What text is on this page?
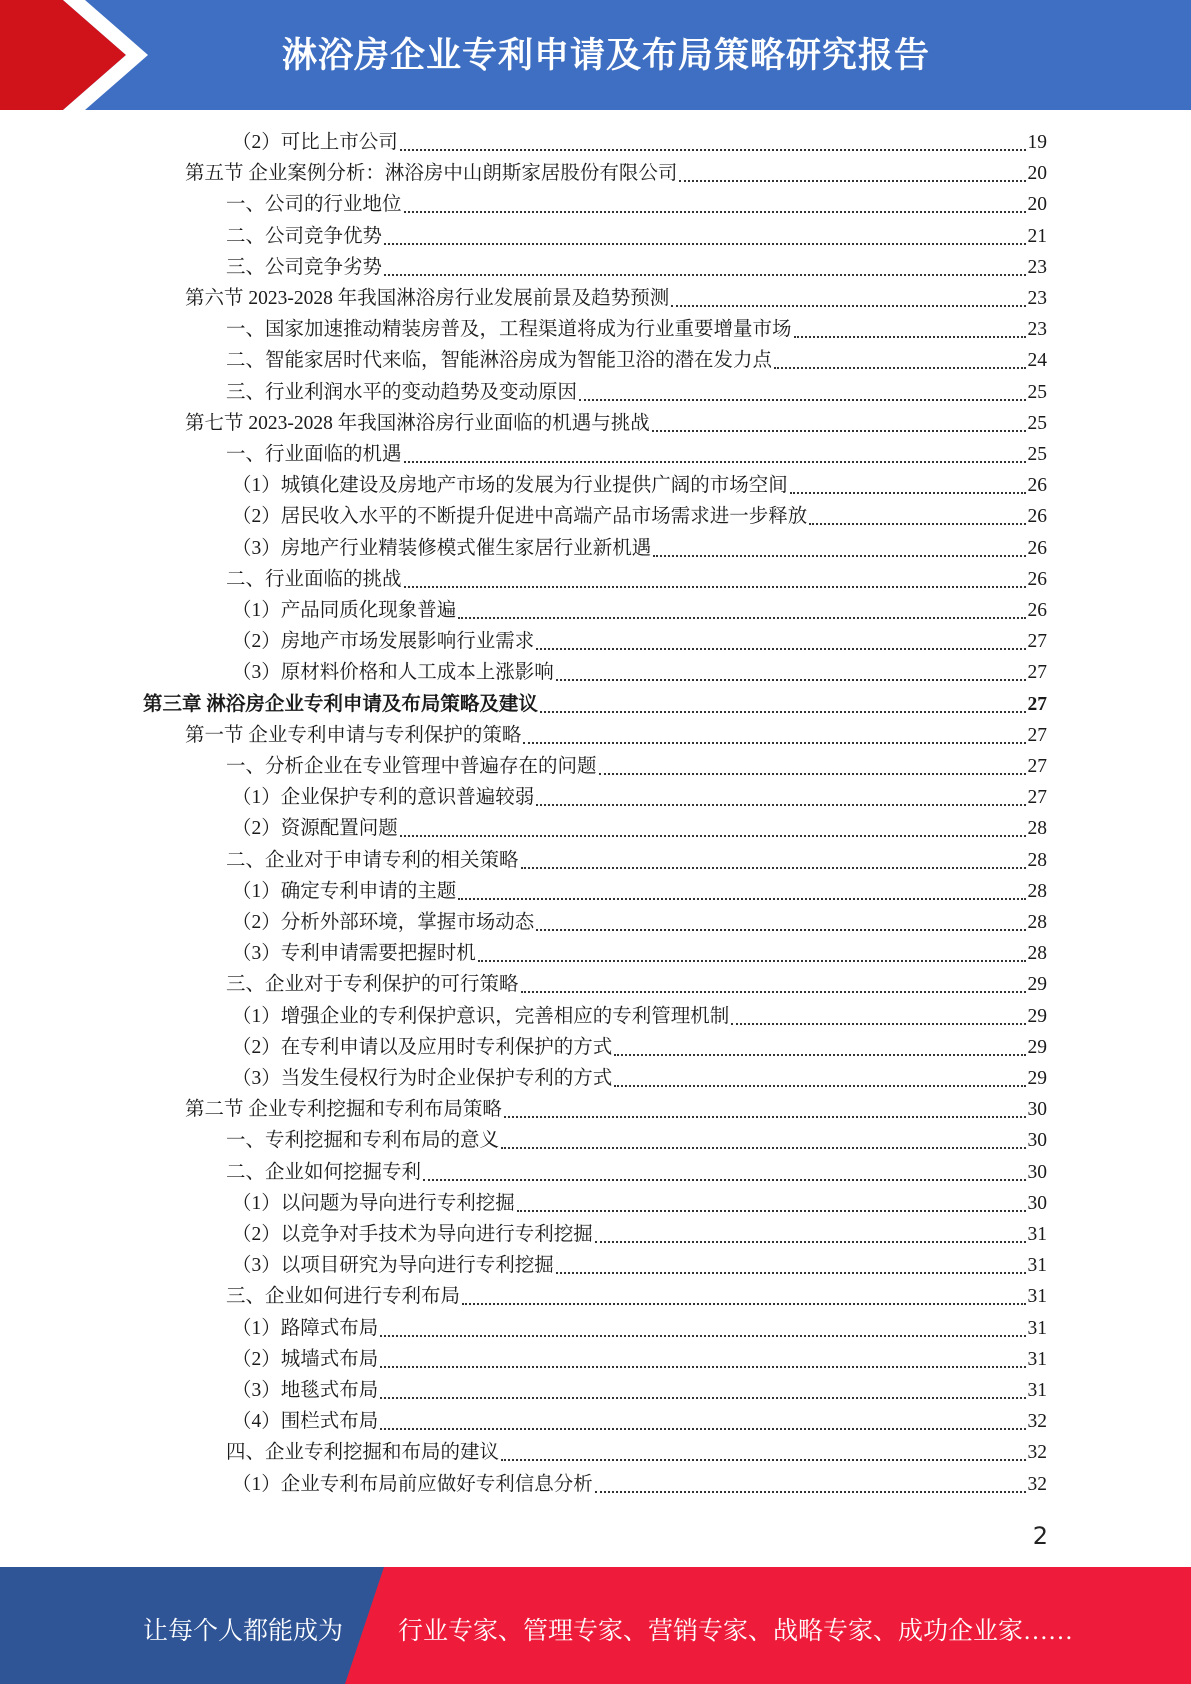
淋浴房企业专利申请及布局策略研究报告
（2）可比上市公司	19
第五节 企业案例分析：淋浴房中山朗斯家居股份有限公司	20
一、公司的行业地位	20
二、公司竞争优势	21
三、公司竞争劣势	23
第六节 2023-2028 年我国淋浴房行业发展前景及趋势预测	23
一、国家加速推动精装房普及，工程渠道将成为行业重要增量市场	23
二、智能家居时代来临，智能淋浴房成为智能卫浴的潜在发力点	24
三、行业利润水平的变动趋势及变动原因	25
第七节 2023-2028 年我国淋浴房行业面临的机遇与挑战	25
一、行业面临的机遇	25
（1）城镇化建设及房地产市场的发展为行业提供广阔的市场空间	26
（2）居民收入水平的不断提升促进中高端产品市场需求进一步释放	26
（3）房地产行业精装修模式催生家居行业新机遇	26
二、行业面临的挑战	26
（1）产品同质化现象普遍	26
（2）房地产市场发展影响行业需求	27
（3）原材料价格和人工成本上涨影响	27
第三章 淋浴房企业专利申请及布局策略及建议	27
第一节 企业专利申请与专利保护的策略	27
一、分析企业在专业管理中普遍存在的问题	27
（1）企业保护专利的意识普遍较弱	27
（2）资源配置问题	28
二、企业对于申请专利的相关策略	28
（1）确定专利申请的主题	28
（2）分析外部环境，掌握市场动态	28
（3）专利申请需要把握时机	28
三、企业对于专利保护的可行策略	29
（1）增强企业的专利保护意识，完善相应的专利管理机制	29
（2）在专利申请以及应用时专利保护的方式	29
（3）当发生侵权行为时企业保护专利的方式	29
第二节 企业专利挖掘和专利布局策略	30
一、专利挖掘和专利布局的意义	30
二、企业如何挖掘专利	30
（1）以问题为导向进行专利挖掘	30
（2）以竞争对手技术为导向进行专利挖掘	31
（3）以项目研究为导向进行专利挖掘	31
三、企业如何进行专利布局	31
（1）路障式布局	31
（2）城墙式布局	31
（3）地毯式布局	31
（4）围栏式布局	32
四、企业专利挖掘和布局的建议	32
（1）企业专利布局前应做好专利信息分析	32
2
让每个人都能成为 行业专家、管理专家、营销专家、战略专家、成功企业家……
